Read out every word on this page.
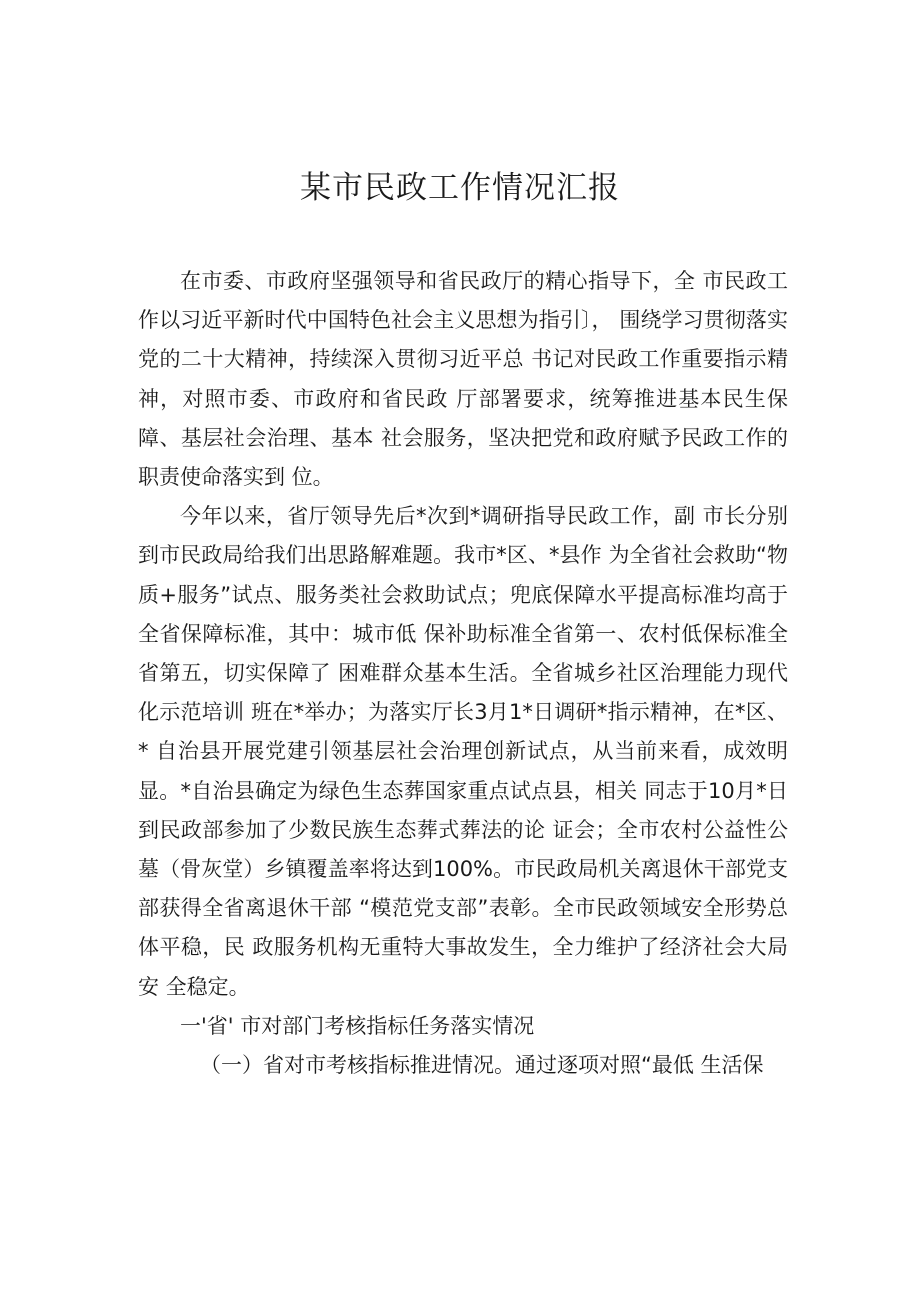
某市民政工作情况汇报

在市委、市政府坚强领导和省民政厅的精心指导下，全 市民政工作以习近平新时代中国特色社会主义思想为指引〕， 围绕学习贯彻落实党的二十大精神，持续深入贯彻习近平总 书记对民政工作重要指示精神，对照市委、市政府和省民政 厅部署要求，统筹推进基本民生保障、基层社会治理、基本 社会服务，坚决把党和政府赋予民政工作的职责使命落实到 位。

今年以来，省厅领导先后*次到*调研指导民政工作，副 市长分别到市民政局给我们出思路解难题。我市*区、*县作 为全省社会救助“物质+服务”试点、服务类社会救助试点；兜底保障水平提高标准均高于全省保障标准，其中：城市低 保补助标准全省第一、农村低保标准全省第五，切实保障了 困难群众基本生活。全省城乡社区治理能力现代化示范培训 班在*举办；为落实厅长3月1*日调研*指示精神，在*区、* 自治县开展党建引领基层社会治理创新试点，从当前来看，成效明显。*自治县确定为绿色生态葬国家重点试点县，相关 同志于10月*日到民政部参加了少数民族生态葬式葬法的论 证会；全市农村公益性公墓（骨灰堂）乡镇覆盖率将达到100%。市民政局机关离退休干部党支部获得全省离退休干部 “模范党支部”表彰。全市民政领域安全形势总体平稳，民 政服务机构无重特大事故发生，全力维护了经济社会大局安 全稳定。

一'省' 市对部门考核指标任务落实情况

（一）省对市考核指标推进情况。通过逐项对照“最低 生活保
